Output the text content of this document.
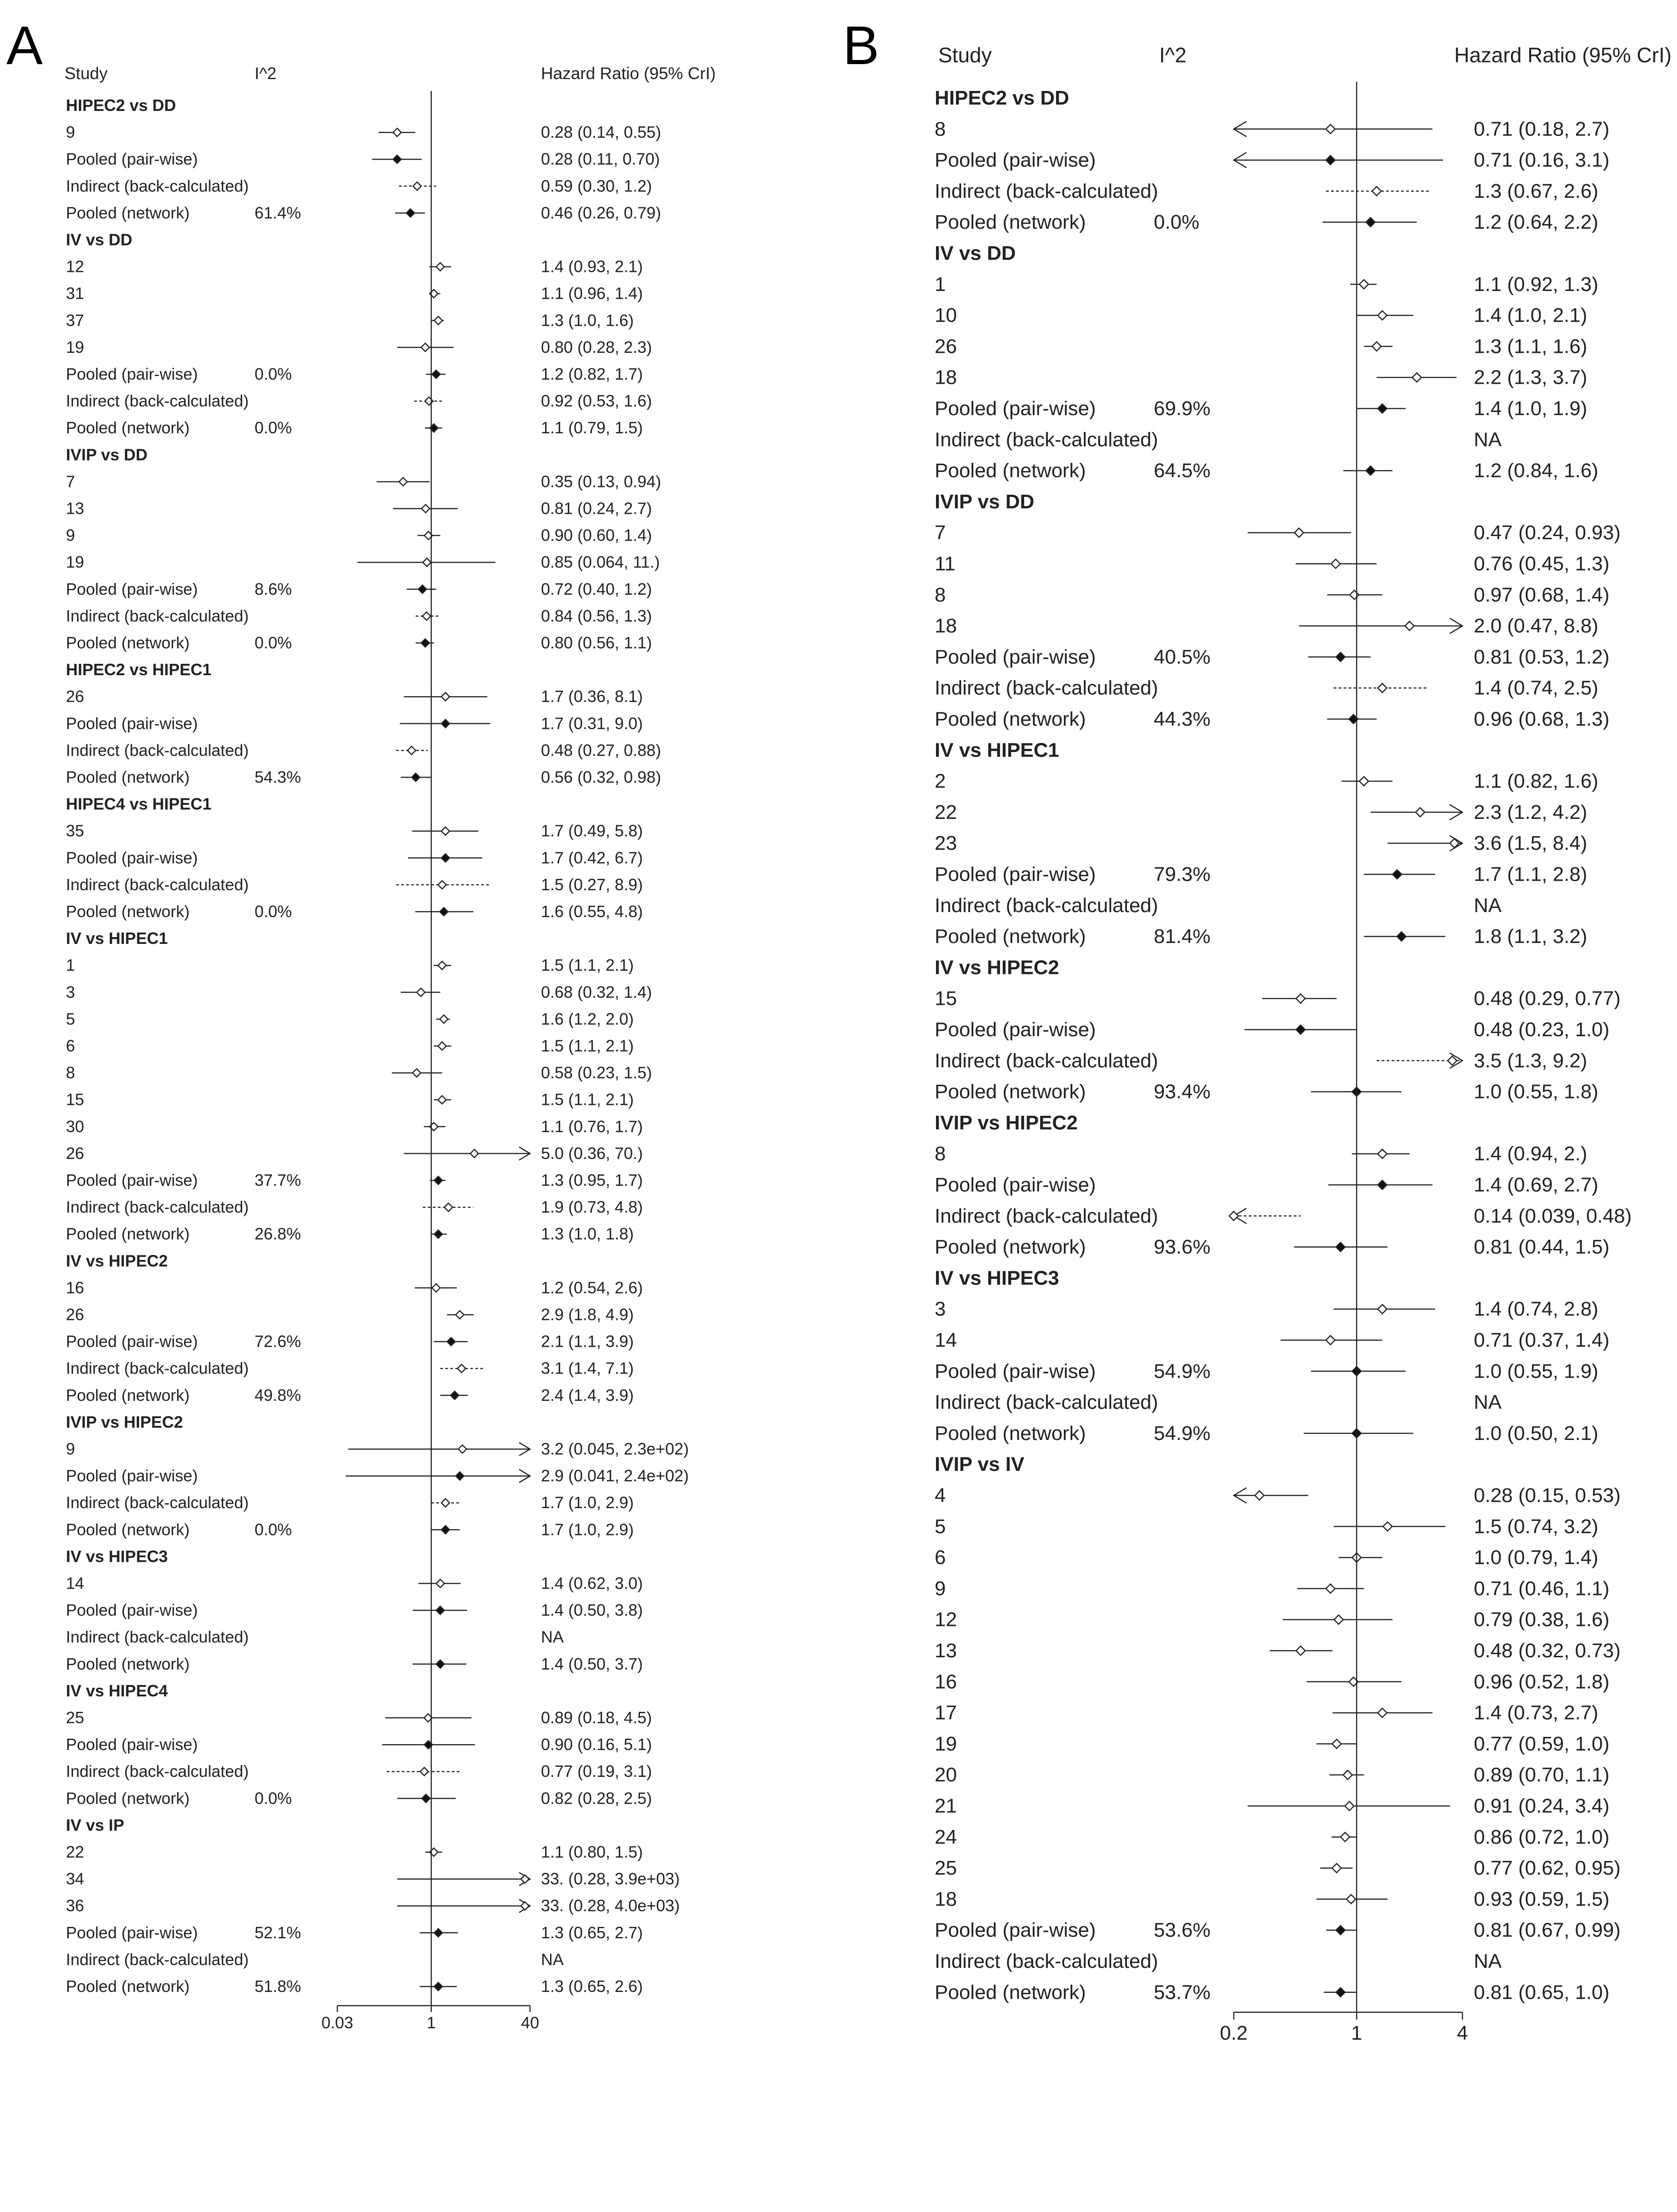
A Study	I^2	Hazard Ratio (95% CrI)
HIPEC2 vs DD
9	0.28 (0.14, 0.55)
Pooled (pair-wise)	0.28 (0.11, 0.70)
Indirect (back-calculated)	0.59 (0.30, 1.2)
Pooled (network)	61.4%	0.46 (0.26, 0.79)
IV vs DD
12	1.4 (0.93, 2.1)
31	1.1 (0.96, 1.4)
37	1.3 (1.0, 1.6)
19	0.80 (0.28, 2.3)
Pooled (pair-wise)	0.0%	1.2 (0.82, 1.7)
Indirect (back-calculated)	0.92 (0.53, 1.6)
Pooled (network)	0.0%	1.1 (0.79, 1.5)
IVIP vs DD
7	0.35 (0.13, 0.94)
13	0.81 (0.24, 2.7)
9	0.90 (0.60, 1.4)
19	0.85 (0.064, 11.)
Pooled (pair-wise)	8.6%	0.72 (0.40, 1.2)
Indirect (back-calculated)	0.84 (0.56, 1.3)
Pooled (network)	0.0%	0.80 (0.56, 1.1)
HIPEC2 vs HIPEC1
26	1.7 (0.36, 8.1)
Pooled (pair-wise)	1.7 (0.31, 9.0)
Indirect (back-calculated)	0.48 (0.27, 0.88)
Pooled (network)	54.3%	0.56 (0.32, 0.98)
HIPEC4 vs HIPEC1
35	1.7 (0.49, 5.8)
Pooled (pair-wise)	1.7 (0.42, 6.7)
Indirect (back-calculated)	1.5 (0.27, 8.9)
Pooled (network)	0.0%	1.6 (0.55, 4.8)
IV vs HIPEC1
1	1.5 (1.1, 2.1)
3	0.68 (0.32, 1.4)
5	1.6 (1.2, 2.0)
6	1.5 (1.1, 2.1)
8	0.58 (0.23, 1.5)
15	1.5 (1.1, 2.1)
30	1.1 (0.76, 1.7)
26	5.0 (0.36, 70.)
Pooled (pair-wise)	37.7%	1.3 (0.95, 1.7)
Indirect (back-calculated)	1.9 (0.73, 4.8)
Pooled (network)	26.8%	1.3 (1.0, 1.8)
IV vs HIPEC2
16	1.2 (0.54, 2.6)
26	2.9 (1.8, 4.9)
Pooled (pair-wise)	72.6%	2.1 (1.1, 3.9)
Indirect (back-calculated)	3.1 (1.4, 7.1)
Pooled (network)	49.8%	2.4 (1.4, 3.9)
IVIP vs HIPEC2
9	3.2 (0.045, 2.3e+02)
Pooled (pair-wise)	2.9 (0.041, 2.4e+02)
Indirect (back-calculated)	1.7 (1.0, 2.9)
Pooled (network)	0.0%	1.7 (1.0, 2.9)
IV vs HIPEC3
14	1.4 (0.62, 3.0)
Pooled (pair-wise)	1.4 (0.50, 3.8)
Indirect (back-calculated)	NA
Pooled (network)	1.4 (0.50, 3.7)
IV vs HIPEC4
25	0.89 (0.18, 4.5)
Pooled (pair-wise)	0.90 (0.16, 5.1)
Indirect (back-calculated)	0.77 (0.19, 3.1)
Pooled (network)	0.0%	0.82 (0.28, 2.5)
IV vs IP
22	1.1 (0.80, 1.5)
34	33. (0.28, 3.9e+03)
36	33. (0.28, 4.0e+03)
Pooled (pair-wise)	52.1%	1.3 (0.65, 2.7)
Indirect (back-calculated)	NA
Pooled (network)	51.8%	1.3 (0.65, 2.6)
0.03	1	40
B	Study	I^2	Hazard Ratio (95% CrI)
HIPEC2 vs DD
8	0.71 (0.18, 2.7)
Pooled (pair-wise)	0.71 (0.16, 3.1)
Indirect (back-calculated)	1.3 (0.67, 2.6)
Pooled (network)	0.0%	1.2 (0.64, 2.2)
IV vs DD
1	1.1 (0.92, 1.3)
10	1.4 (1.0, 2.1)
26	1.3 (1.1, 1.6)
18	2.2 (1.3, 3.7)
Pooled (pair-wise)	69.9%	1.4 (1.0, 1.9)
Indirect (back-calculated)	NA
Pooled (network)	64.5%	1.2 (0.84, 1.6)
IVIP vs DD
7	0.47 (0.24, 0.93)
11	0.76 (0.45, 1.3)
8	0.97 (0.68, 1.4)
18	2.0 (0.47, 8.8)
Pooled (pair-wise)	40.5%	0.81 (0.53, 1.2)
Indirect (back-calculated)	1.4 (0.74, 2.5)
Pooled (network)	44.3%	0.96 (0.68, 1.3)
IV vs HIPEC1
2	1.1 (0.82, 1.6)
22	2.3 (1.2, 4.2)
23	3.6 (1.5, 8.4)
Pooled (pair-wise)	79.3%	1.7 (1.1, 2.8)
Indirect (back-calculated)	NA
Pooled (network)	81.4%	1.8 (1.1, 3.2)
IV vs HIPEC2
15	0.48 (0.29, 0.77)
Pooled (pair-wise)	0.48 (0.23, 1.0)
Indirect (back-calculated)	3.5 (1.3, 9.2)
Pooled (network)	93.4%	1.0 (0.55, 1.8)
IVIP vs HIPEC2
8	1.4 (0.94, 2.)
Pooled (pair-wise)	1.4 (0.69, 2.7)
Indirect (back-calculated)	0.14 (0.039, 0.48)
Pooled (network)	93.6%	0.81 (0.44, 1.5)
IV vs HIPEC3
3	1.4 (0.74, 2.8)
14	0.71 (0.37, 1.4)
Pooled (pair-wise)	54.9%	1.0 (0.55, 1.9)
Indirect (back-calculated)	NA
Pooled (network)	54.9%	1.0 (0.50, 2.1)
IVIP vs IV
4	0.28 (0.15, 0.53)
5	1.5 (0.74, 3.2)
6	1.0 (0.79, 1.4)
9	0.71 (0.46, 1.1)
12	0.79 (0.38, 1.6)
13	0.48 (0.32, 0.73)
16	0.96 (0.52, 1.8)
17	1.4 (0.73, 2.7)
19	0.77 (0.59, 1.0)
20	0.89 (0.70, 1.1)
21	0.91 (0.24, 3.4)
24	0.86 (0.72, 1.0)
25	0.77 (0.62, 0.95)
18	0.93 (0.59, 1.5)
Pooled (pair-wise)	53.6%	0.81 (0.67, 0.99)
Indirect (back-calculated)	NA
Pooled (network)	53.7%	0.81 (0.65, 1.0)
0.2	1	4
